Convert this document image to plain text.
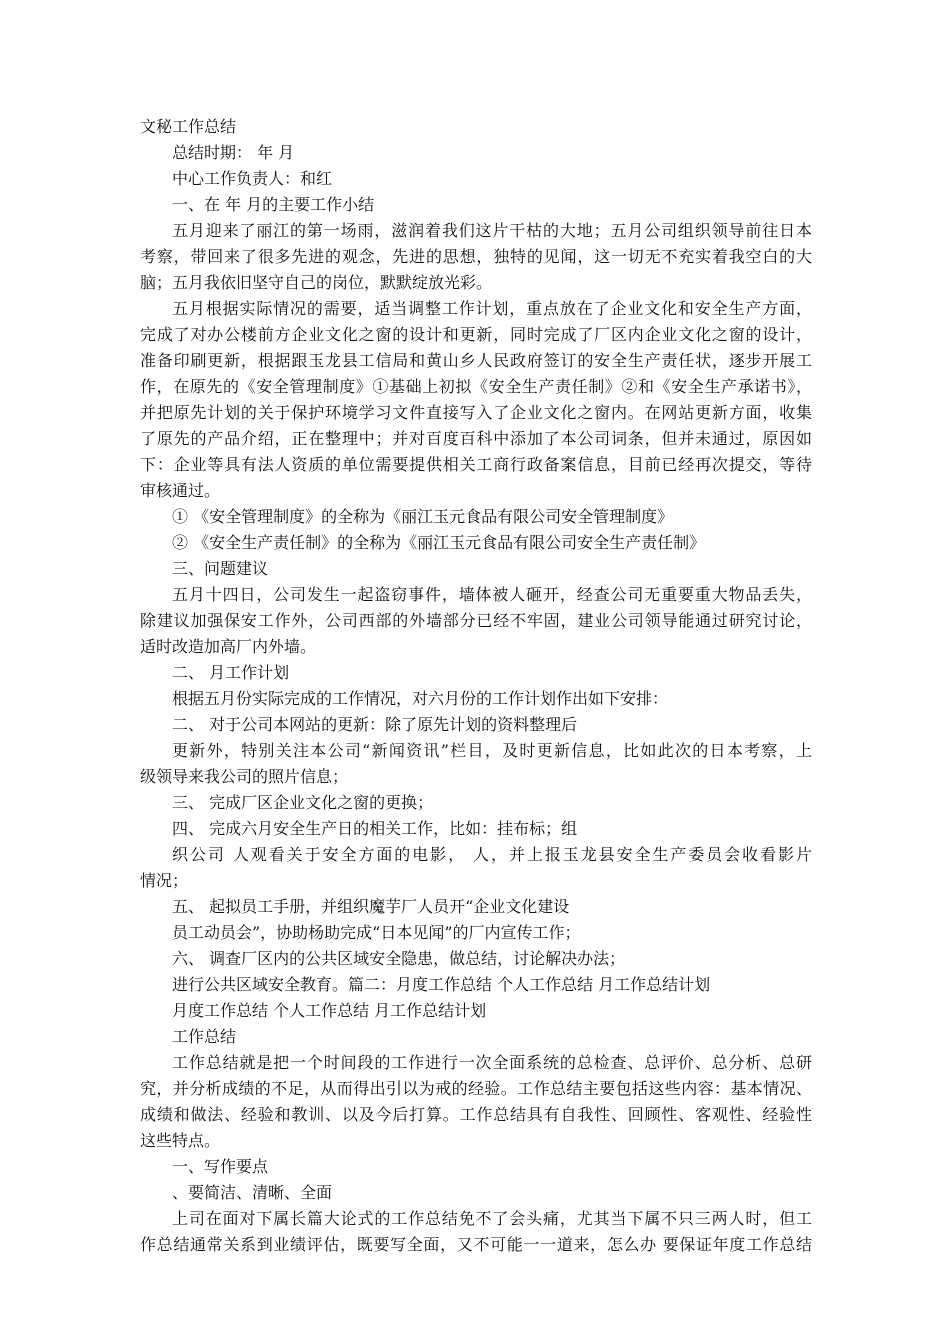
文秘工作总结
总结时期： 年 月
中心工作负责人：和红
一、在 年 月的主要工作小结
五月迎来了丽江的第一场雨，滋润着我们这片干枯的大地；五月公司组织领导前往日本
考察，带回来了很多先进的观念，先进的思想，独特的见闻，这一切无不充实着我空白的大
脑；五月我依旧坚守自己的岗位，默默绽放光彩。
五月根据实际情况的需要，适当调整工作计划，重点放在了企业文化和安全生产方面，
完成了对办公楼前方企业文化之窗的设计和更新，同时完成了厂区内企业文化之窗的设计，
准备印刷更新，根据跟玉龙县工信局和黄山乡人民政府签订的安全生产责任状，逐步开展工
作，在原先的《安全管理制度》①基础上初拟《安全生产责任制》②和《安全生产承诺书》，
并把原先计划的关于保护环境学习文件直接写入了企业文化之窗内。在网站更新方面，收集
了原先的产品介绍，正在整理中；并对百度百科中添加了本公司词条，但并未通过，原因如
下：企业等具有法人资质的单位需要提供相关工商行政备案信息，目前已经再次提交，等待
审核通过。
① 《安全管理制度》的全称为《丽江玉元食品有限公司安全管理制度》
② 《安全生产责任制》的全称为《丽江玉元食品有限公司安全生产责任制》
三、问题建议
五月十四日，公司发生一起盗窃事件，墙体被人砸开，经查公司无重要重大物品丢失，
除建议加强保安工作外，公司西部的外墙部分已经不牢固，建业公司领导能通过研究讨论，
适时改造加高厂内外墙。
二、 月工作计划
根据五月份实际完成的工作情况，对六月份的工作计划作出如下安排：
二、 对于公司本网站的更新：除了原先计划的资料整理后
更新外，特别关注本公司“新闻资讯”栏目，及时更新信息，比如此次的日本考察，上
级领导来我公司的照片信息；
三、 完成厂区企业文化之窗的更换；
四、 完成六月安全生产日的相关工作，比如：挂布标；组
织公司 人观看关于安全方面的电影， 人，并上报玉龙县安全生产委员会收看影片
情况；
五、 起拟员工手册，并组织魔芋厂人员开“企业文化建设
员工动员会”，协助杨助完成“日本见闻”的厂内宣传工作；
六、 调查厂区内的公共区域安全隐患，做总结，讨论解决办法；
进行公共区域安全教育。篇二：月度工作总结 个人工作总结 月工作总结计划
月度工作总结 个人工作总结 月工作总结计划
工作总结
工作总结就是把一个时间段的工作进行一次全面系统的总检查、总评价、总分析、总研
究，并分析成绩的不足，从而得出引以为戒的经验。工作总结主要包括这些内容：基本情况、
成绩和做法、经验和教训、以及今后打算。工作总结具有自我性、回顾性、客观性、经验性
这些特点。
一、写作要点
、要简洁、清晰、全面
上司在面对下属长篇大论式的工作总结免不了会头痛，尤其当下属不只三两人时，但工
作总结通常关系到业绩评估，既要写全面，又不可能一一道来，怎么办 要保证年度工作总结
